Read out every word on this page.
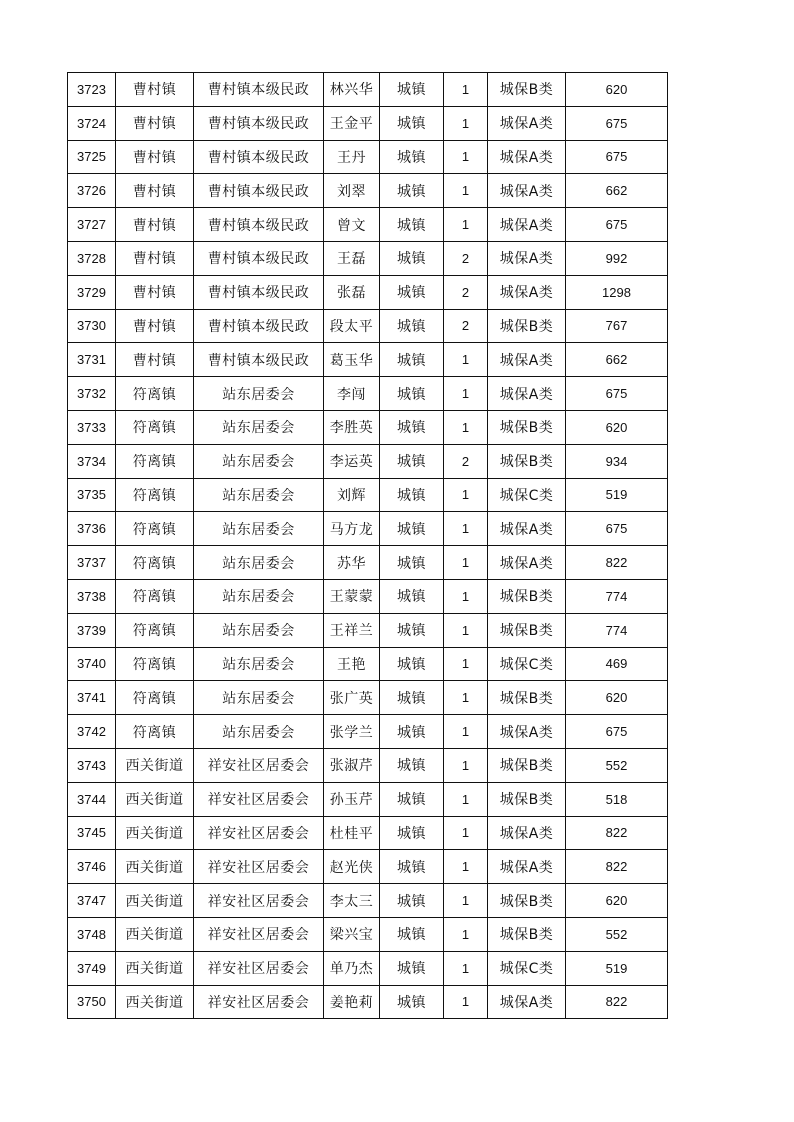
3723	曹村镇	曹村镇本级民政	林兴华	城镇	1	城保B类	620
3724	曹村镇	曹村镇本级民政	王金平	城镇	1	城保A类	675
3725	曹村镇	曹村镇本级民政	王丹	城镇	1	城保A类	675
3726	曹村镇	曹村镇本级民政	刘翠	城镇	1	城保A类	662
3727	曹村镇	曹村镇本级民政	曾文	城镇	1	城保A类	675
3728	曹村镇	曹村镇本级民政	王磊	城镇	2	城保A类	992
3729	曹村镇	曹村镇本级民政	张磊	城镇	2	城保A类	1298
3730	曹村镇	曹村镇本级民政	段太平	城镇	2	城保B类	767
3731	曹村镇	曹村镇本级民政	葛玉华	城镇	1	城保A类	662
3732	符离镇	站东居委会	李闯	城镇	1	城保A类	675
3733	符离镇	站东居委会	李胜英	城镇	1	城保B类	620
3734	符离镇	站东居委会	李运英	城镇	2	城保B类	934
3735	符离镇	站东居委会	刘辉	城镇	1	城保C类	519
3736	符离镇	站东居委会	马方龙	城镇	1	城保A类	675
3737	符离镇	站东居委会	苏华	城镇	1	城保A类	822
3738	符离镇	站东居委会	王蒙蒙	城镇	1	城保B类	774
3739	符离镇	站东居委会	王祥兰	城镇	1	城保B类	774
3740	符离镇	站东居委会	王艳	城镇	1	城保C类	469
3741	符离镇	站东居委会	张广英	城镇	1	城保B类	620
3742	符离镇	站东居委会	张学兰	城镇	1	城保A类	675
3743	西关街道	祥安社区居委会	张淑芹	城镇	1	城保B类	552
3744	西关街道	祥安社区居委会	孙玉芹	城镇	1	城保B类	518
3745	西关街道	祥安社区居委会	杜桂平	城镇	1	城保A类	822
3746	西关街道	祥安社区居委会	赵光侠	城镇	1	城保A类	822
3747	西关街道	祥安社区居委会	李太三	城镇	1	城保B类	620
3748	西关街道	祥安社区居委会	梁兴宝	城镇	1	城保B类	552
3749	西关街道	祥安社区居委会	单乃杰	城镇	1	城保C类	519
3750	西关街道	祥安社区居委会	姜艳莉	城镇	1	城保A类	822
